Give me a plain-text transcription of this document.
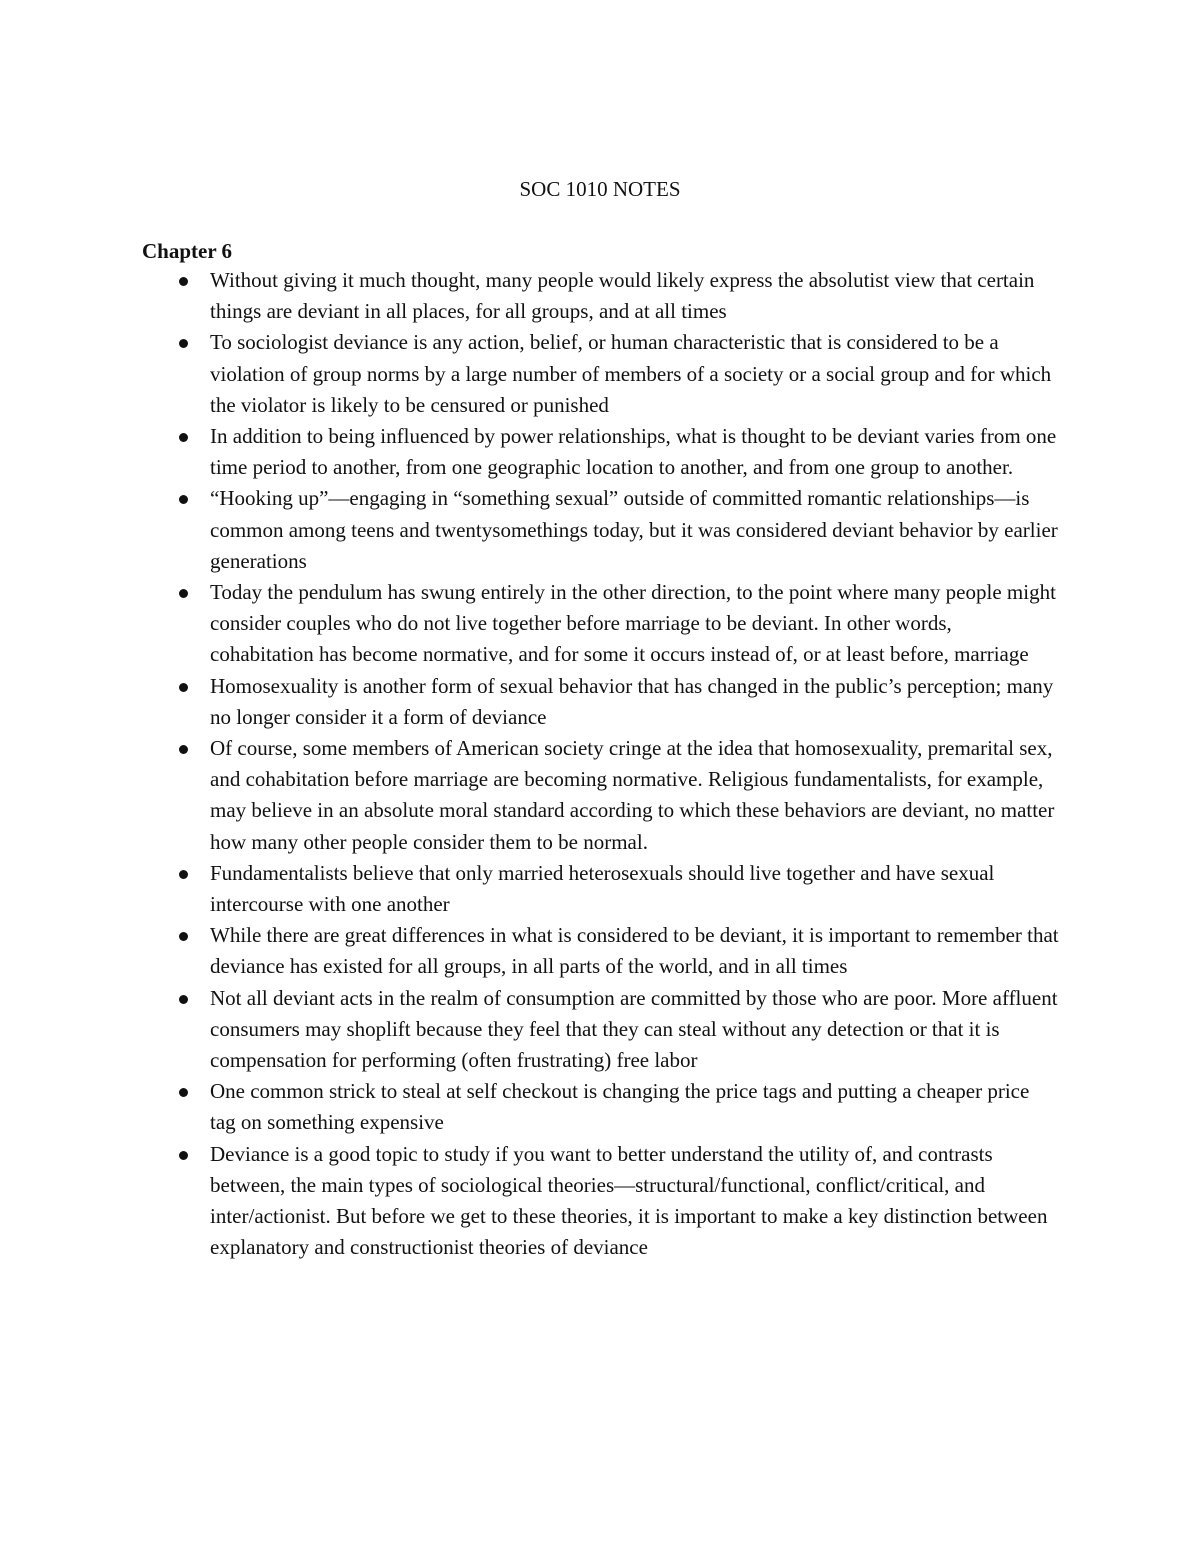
SOC 1010 NOTES
Chapter 6
Without giving it much thought, many people would likely express the absolutist view that certain things are deviant in all places, for all groups, and at all times
To sociologist deviance is any action, belief, or human characteristic that is considered to be a violation of group norms by a large number of members of a society or a social group and for which the violator is likely to be censured or punished
In addition to being influenced by power relationships, what is thought to be deviant varies from one time period to another, from one geographic location to another, and from one group to another.
“Hooking up”—engaging in “something sexual” outside of committed romantic relationships—is common among teens and twentysomethings today, but it was considered deviant behavior by earlier generations
Today the pendulum has swung entirely in the other direction, to the point where many people might consider couples who do not live together before marriage to be deviant. In other words, cohabitation has become normative, and for some it occurs instead of, or at least before, marriage
Homosexuality is another form of sexual behavior that has changed in the public’s perception; many no longer consider it a form of deviance
Of course, some members of American society cringe at the idea that homosexuality, premarital sex, and cohabitation before marriage are becoming normative. Religious fundamentalists, for example, may believe in an absolute moral standard according to which these behaviors are deviant, no matter how many other people consider them to be normal.
Fundamentalists believe that only married heterosexuals should live together and have sexual intercourse with one another
While there are great differences in what is considered to be deviant, it is important to remember that deviance has existed for all groups, in all parts of the world, and in all times
Not all deviant acts in the realm of consumption are committed by those who are poor. More affluent consumers may shoplift because they feel that they can steal without any detection or that it is compensation for performing (often frustrating) free labor
One common strick to steal at self checkout is changing the price tags and putting a cheaper price tag on something expensive
Deviance is a good topic to study if you want to better understand the utility of, and contrasts between, the main types of sociological theories—structural/functional, conflict/critical, and inter/actionist. But before we get to these theories, it is important to make a key distinction between explanatory and constructionist theories of deviance
